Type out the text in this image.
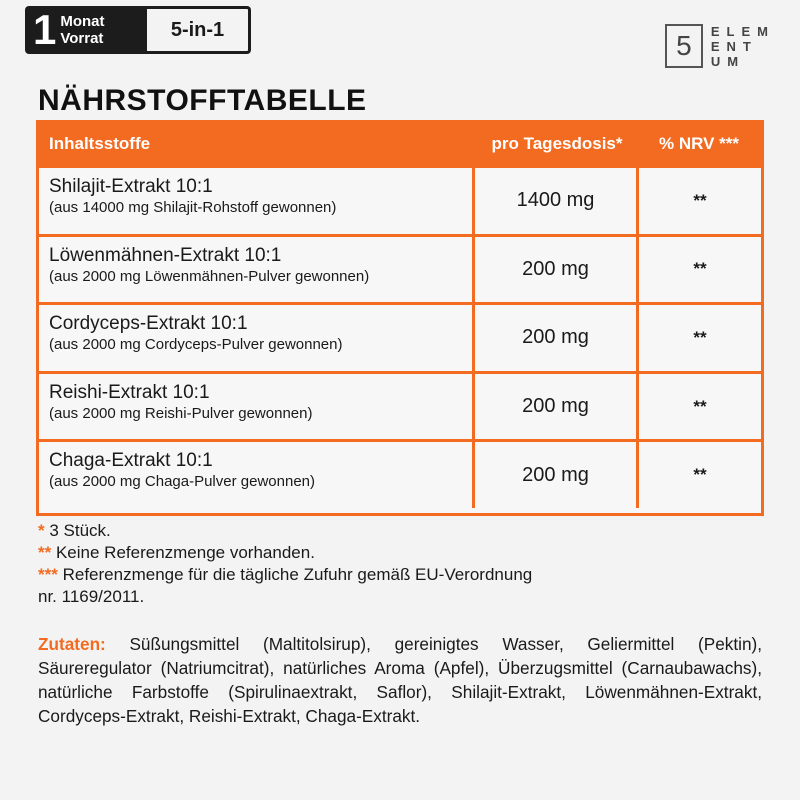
1 Monat
Vorrat	5-in-1
5	ELEM
ENT
UM
NÄHRSTOFFTABELLE
Inhaltsstoffe	pro Tagesdosis*	% NRV ***
Shilajit-Extrakt 10:1
(aus 14000 mg Shilajit-Rohstoff gewonnen)	1400 mg	**
Löwenmähnen-Extrakt 10:1
(aus 2000 mg Löwenmähnen-Pulver gewonnen)	200 mg	**
Cordyceps-Extrakt 10:1
(aus 2000 mg Cordyceps-Pulver gewonnen)	200 mg	**
Reishi-Extrakt 10:1
(aus 2000 mg Reishi-Pulver gewonnen)	200 mg	**
Chaga-Extrakt 10:1
(aus 2000 mg Chaga-Pulver gewonnen)	200 mg	**
* 3 Stück.
** Keine Referenzmenge vorhanden.
*** Referenzmenge für die tägliche Zufuhr gemäß EU-Verordnung
nr. 1169/2011.

Zutaten: Süßungsmittel (Maltitolsirup), gereinigtes Wasser, Geliermittel (Pektin), Säureregulator (Natriumcitrat), natürliches Aroma (Apfel), Überzugsmittel (Carnaubawachs), natürliche Farbstoffe (Spirulinaextrakt, Saflor), Shilajit-Extrakt, Löwenmähnen-Extrakt, Cordyceps-Extrakt, Reishi-Extrakt, Chaga-Extrakt.
